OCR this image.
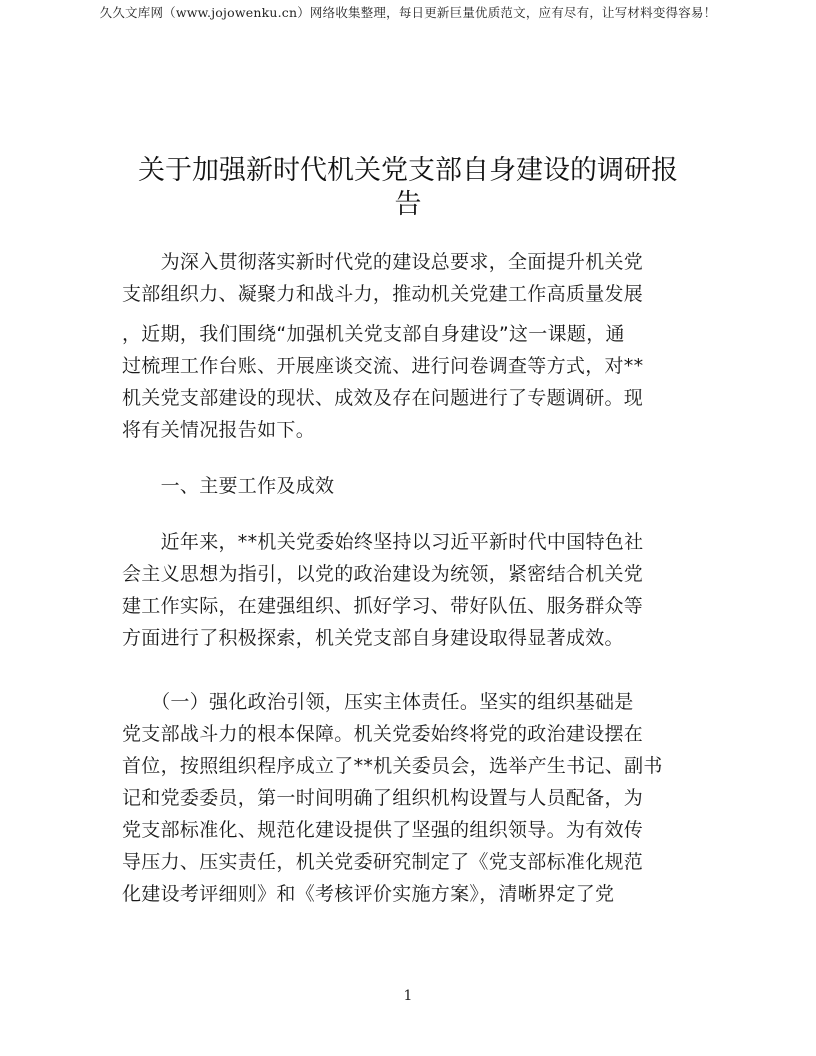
久久文库网（www.jojowenku.cn）网络收集整理，每日更新巨量优质范文，应有尽有，让写材料变得容易！
关于加强新时代机关党支部自身建设的调研报
告
　　为深入贯彻落实新时代党的建设总要求，全面提升机关党
支部组织力、凝聚力和战斗力，推动机关党建工作高质量发展
，近期，我们围绕“加强机关党支部自身建设”这一课题，通
过梳理工作台账、开展座谈交流、进行问卷调查等方式，对**
机关党支部建设的现状、成效及存在问题进行了专题调研。现
将有关情况报告如下。
　　一、主要工作及成效
　　近年来，**机关党委始终坚持以习近平新时代中国特色社
会主义思想为指引，以党的政治建设为统领，紧密结合机关党
建工作实际，在建强组织、抓好学习、带好队伍、服务群众等
方面进行了积极探索，机关党支部自身建设取得显著成效。
　　（一）强化政治引领，压实主体责任。坚实的组织基础是
党支部战斗力的根本保障。机关党委始终将党的政治建设摆在
首位，按照组织程序成立了**机关委员会，选举产生书记、副书
记和党委委员，第一时间明确了组织机构设置与人员配备，为
党支部标准化、规范化建设提供了坚强的组织领导。为有效传
导压力、压实责任，机关党委研究制定了《党支部标准化规范
化建设考评细则》和《考核评价实施方案》，清晰界定了党
1
